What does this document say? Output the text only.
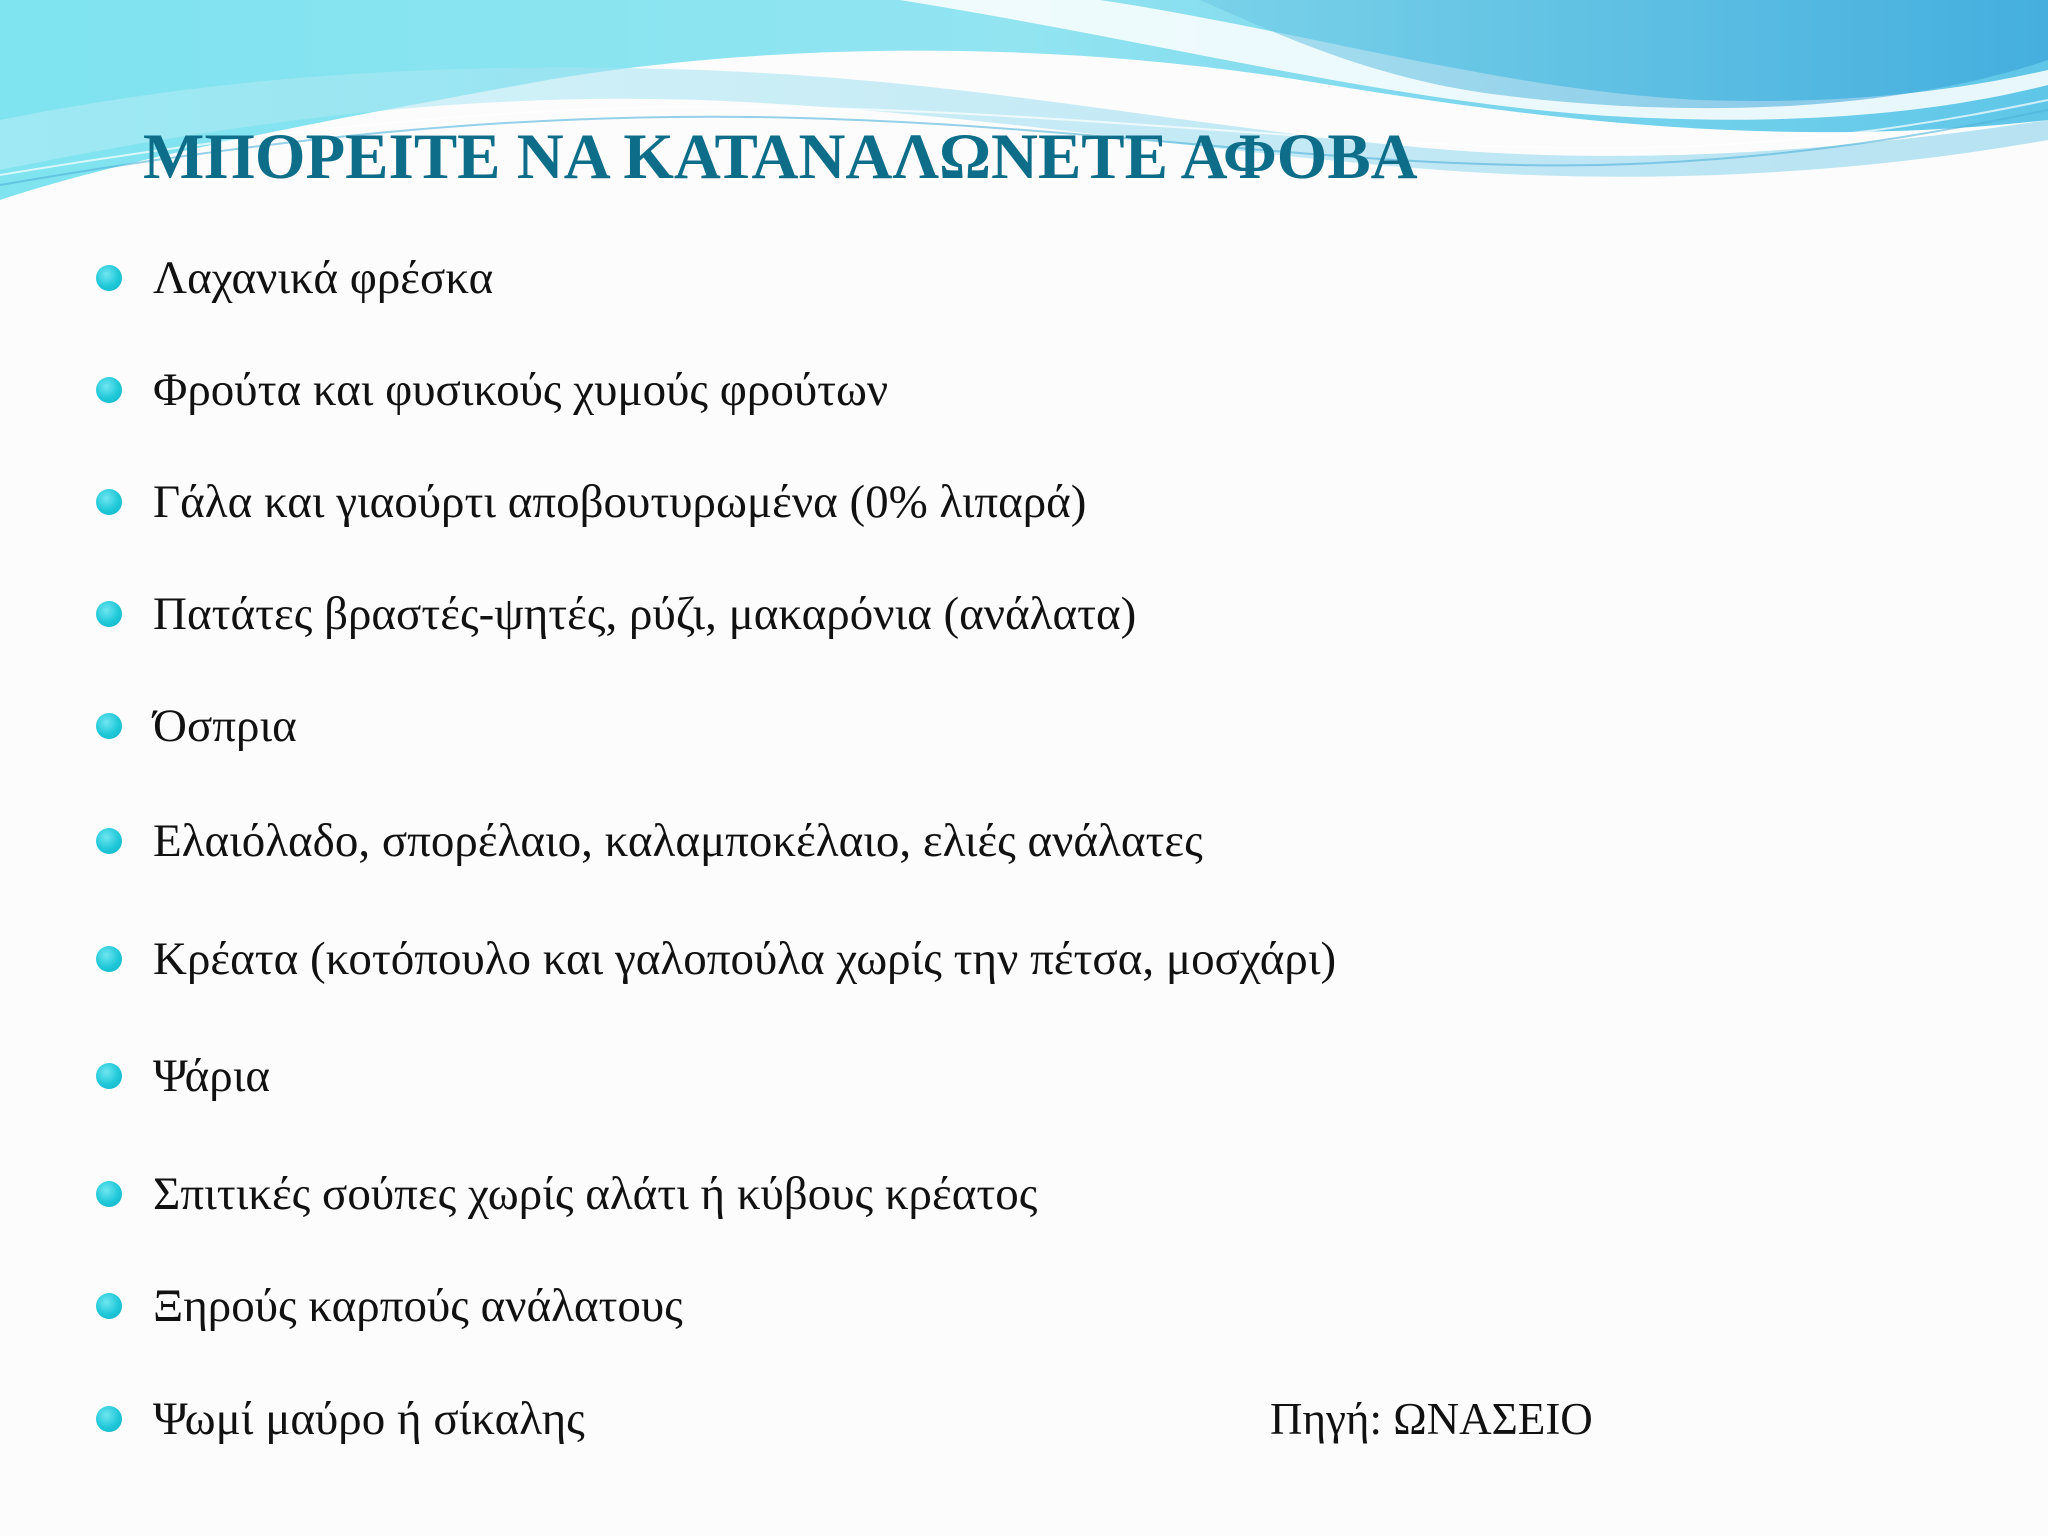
ΜΠΟΡΕΙΤΕ ΝΑ ΚΑΤΑΝΑΛΩΝΕΤΕ ΑΦΟΒΑ
Λαχανικά φρέσκα
Φρούτα και φυσικούς χυμούς φρούτων
Γάλα και γιαούρτι αποβουτυρωμένα (0% λιπαρά)
Πατάτες βραστές-ψητές, ρύζι, μακαρόνια (ανάλατα)
Όσπρια
Ελαιόλαδο, σπορέλαιο, καλαμποκέλαιο, ελιές ανάλατες
Κρέατα (κοτόπουλο και γαλοπούλα χωρίς την πέτσα, μοσχάρι)
Ψάρια
Σπιτικές σούπες χωρίς αλάτι ή κύβους κρέατος
Ξηρούς καρπούς ανάλατους
Ψωμί μαύρο ή σίκαλης	Πηγή: ΩΝΑΣΕΙΟ
